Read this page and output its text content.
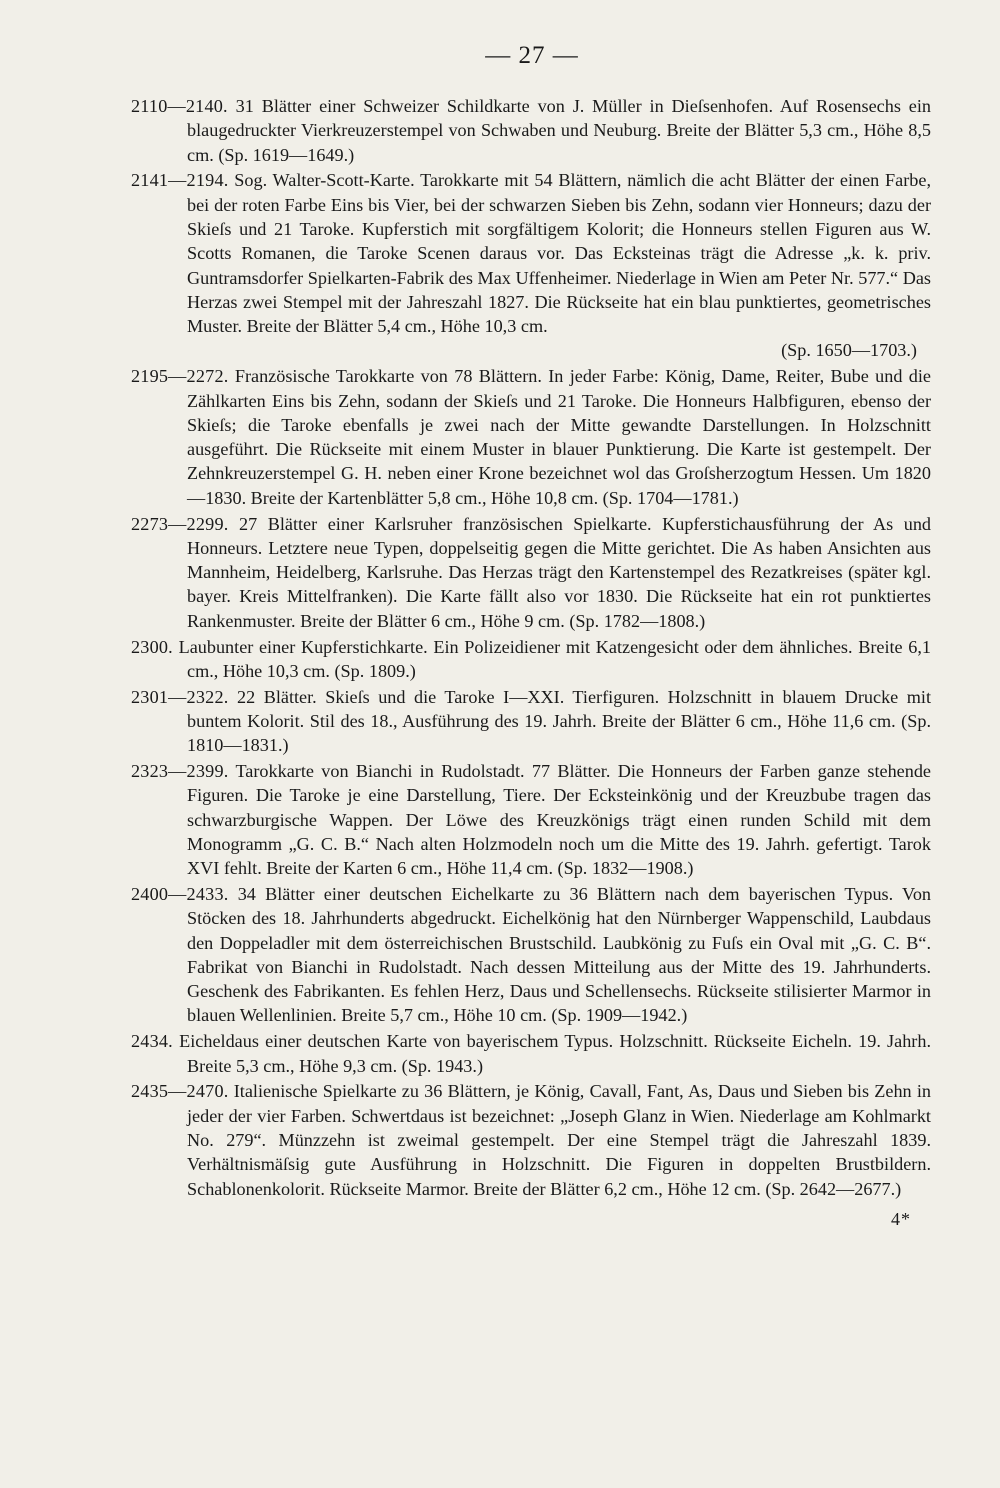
— 27 —

2110—2140. 31 Blätter einer Schweizer Schildkarte von J. Müller in Dieſsenhofen. Auf Rosensechs ein blaugedruckter Vierkreuzerstempel von Schwaben und Neuburg. Breite der Blätter 5,3 cm., Höhe 8,5 cm. (Sp. 1619—1649.)

2141—2194. Sog. Walter-Scott-Karte. Tarokkarte mit 54 Blättern, nämlich die acht Blätter der einen Farbe, bei der roten Farbe Eins bis Vier, bei der schwarzen Sieben bis Zehn, sodann vier Honneurs; dazu der Skieſs und 21 Taroke. Kupferstich mit sorgfältigem Kolorit; die Honneurs stellen Figuren aus W. Scotts Romanen, die Taroke Scenen daraus vor. Das Ecksteinas trägt die Adresse „k. k. priv. Guntramsdorfer Spielkarten-Fabrik des Max Uffenheimer. Niederlage in Wien am Peter Nr. 577.“ Das Herzas zwei Stempel mit der Jahreszahl 1827. Die Rückseite hat ein blau punktiertes, geometrisches Muster. Breite der Blätter 5,4 cm., Höhe 10,3 cm.
(Sp. 1650—1703.)

2195—2272. Französische Tarokkarte von 78 Blättern. In jeder Farbe: König, Dame, Reiter, Bube und die Zählkarten Eins bis Zehn, sodann der Skieſs und 21 Taroke. Die Honneurs Halbfiguren, ebenso der Skieſs; die Taroke ebenfalls je zwei nach der Mitte gewandte Darstellungen. In Holzschnitt ausgeführt. Die Rückseite mit einem Muster in blauer Punktierung. Die Karte ist gestempelt. Der Zehnkreuzerstempel G. H. neben einer Krone bezeichnet wol das Groſsherzogtum Hessen. Um 1820—1830. Breite der Kartenblätter 5,8 cm., Höhe 10,8 cm. (Sp. 1704—1781.)

2273—2299. 27 Blätter einer Karlsruher französischen Spielkarte. Kupferstichausführung der As und Honneurs. Letztere neue Typen, doppelseitig gegen die Mitte gerichtet. Die As haben Ansichten aus Mannheim, Heidelberg, Karlsruhe. Das Herzas trägt den Kartenstempel des Rezatkreises (später kgl. bayer. Kreis Mittelfranken). Die Karte fällt also vor 1830. Die Rückseite hat ein rot punktiertes Rankenmuster. Breite der Blätter 6 cm., Höhe 9 cm. (Sp. 1782—1808.)

2300. Laubunter einer Kupferstichkarte. Ein Polizeidiener mit Katzengesicht oder dem ähnliches. Breite 6,1 cm., Höhe 10,3 cm. (Sp. 1809.)

2301—2322. 22 Blätter. Skieſs und die Taroke I—XXI. Tierfiguren. Holzschnitt in blauem Drucke mit buntem Kolorit. Stil des 18., Ausführung des 19. Jahrh. Breite der Blätter 6 cm., Höhe 11,6 cm. (Sp. 1810—1831.)

2323—2399. Tarokkarte von Bianchi in Rudolstadt. 77 Blätter. Die Honneurs der Farben ganze stehende Figuren. Die Taroke je eine Darstellung, Tiere. Der Ecksteinkönig und der Kreuzbube tragen das schwarzburgische Wappen. Der Löwe des Kreuzkönigs trägt einen runden Schild mit dem Monogramm „G. C. B.“ Nach alten Holzmodeln noch um die Mitte des 19. Jahrh. gefertigt. Tarok XVI fehlt. Breite der Karten 6 cm., Höhe 11,4 cm. (Sp. 1832—1908.)

2400—2433. 34 Blätter einer deutschen Eichelkarte zu 36 Blättern nach dem bayerischen Typus. Von Stöcken des 18. Jahrhunderts abgedruckt. Eichelkönig hat den Nürnberger Wappenschild, Laubdaus den Doppeladler mit dem österreichischen Brustschild. Laubkönig zu Fuſs ein Oval mit „G. C. B“. Fabrikat von Bianchi in Rudolstadt. Nach dessen Mitteilung aus der Mitte des 19. Jahrhunderts. Geschenk des Fabrikanten. Es fehlen Herz, Daus und Schellensechs. Rückseite stilisierter Marmor in blauen Wellenlinien. Breite 5,7 cm., Höhe 10 cm. (Sp. 1909—1942.)

2434. Eicheldaus einer deutschen Karte von bayerischem Typus. Holzschnitt. Rückseite Eicheln. 19. Jahrh. Breite 5,3 cm., Höhe 9,3 cm. (Sp. 1943.)

2435—2470. Italienische Spielkarte zu 36 Blättern, je König, Cavall, Fant, As, Daus und Sieben bis Zehn in jeder der vier Farben. Schwertdaus ist bezeichnet: „Joseph Glanz in Wien. Niederlage am Kohlmarkt No. 279“. Münzzehn ist zweimal gestempelt. Der eine Stempel trägt die Jahreszahl 1839. Verhältnismäſsig gute Ausführung in Holzschnitt. Die Figuren in doppelten Brustbildern. Schablonenkolorit. Rückseite Marmor. Breite der Blätter 6,2 cm., Höhe 12 cm. (Sp. 2642—2677.)

4*
